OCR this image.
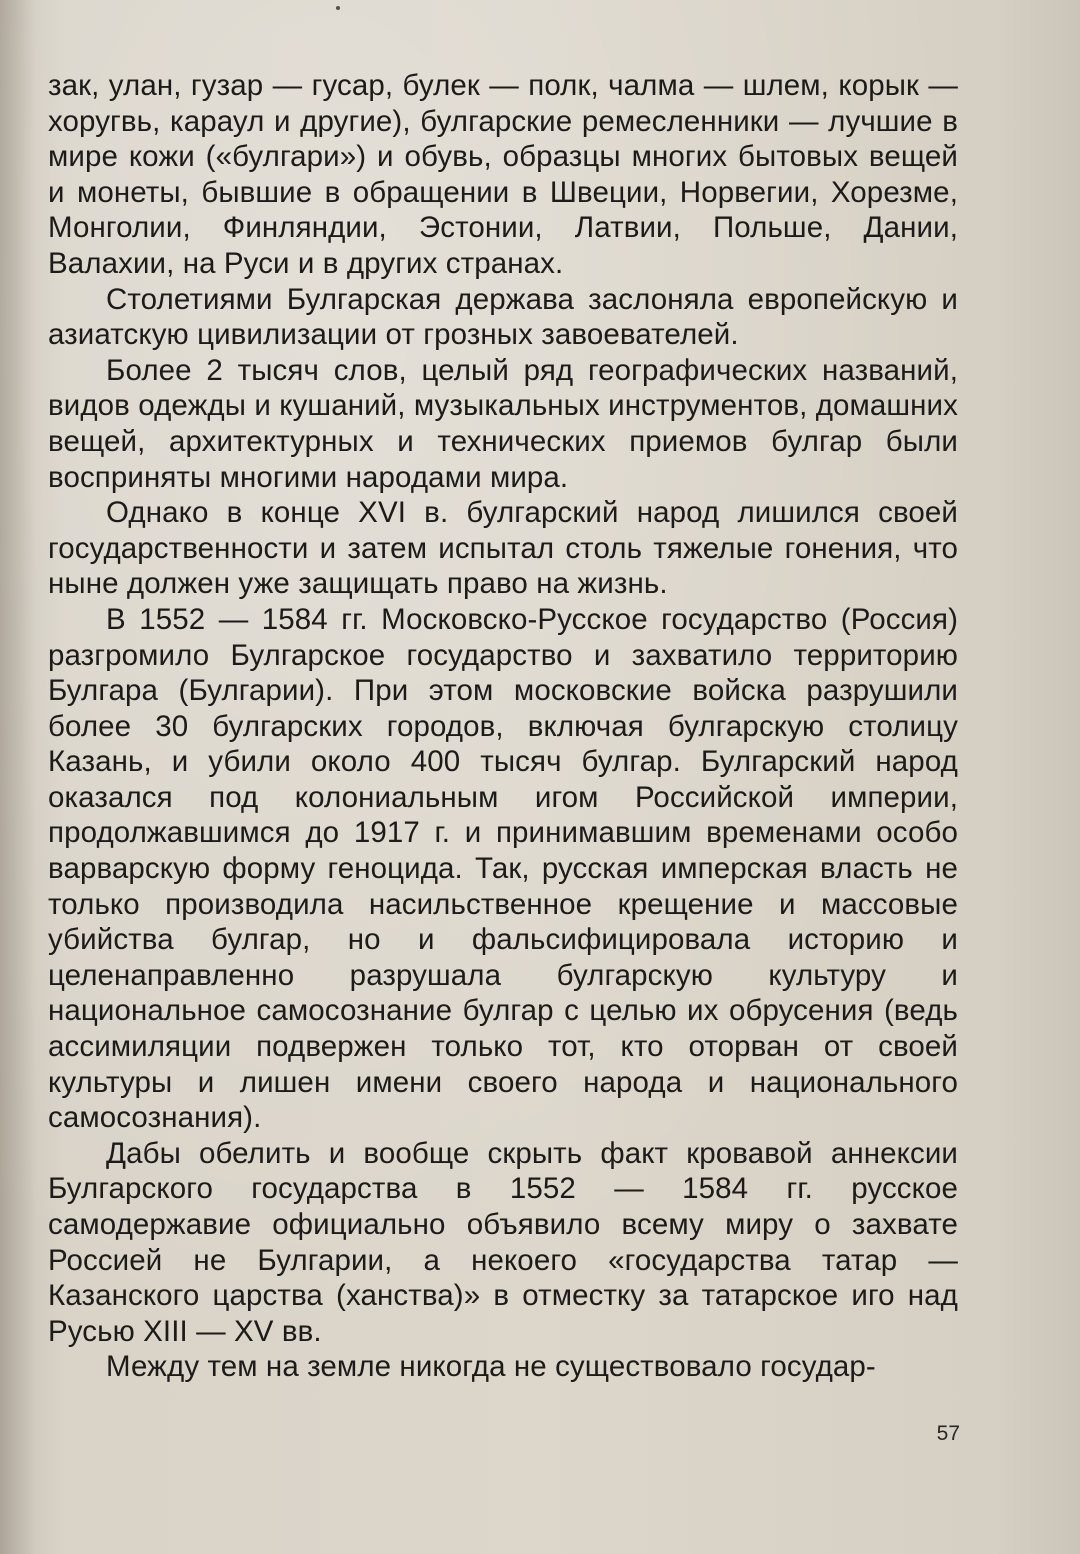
зак, улан, гузар — гусар, булек — полк, чалма — шлем, корык — хоругвь, караул и другие), булгарские ремесленники — лучшие в мире кожи («булгари») и обувь, образцы многих бытовых вещей и монеты, бывшие в обращении в Швеции, Норвегии, Хорезме, Монголии, Финляндии, Эстонии, Латвии, Польше, Дании, Валахии, на Руси и в других странах.

Столетиями Булгарская держава заслоняла европейскую и азиатскую цивилизации от грозных завоевателей.

Более 2 тысяч слов, целый ряд географических названий, видов одежды и кушаний, музыкальных инструментов, домашних вещей, архитектурных и технических приемов булгар были восприняты многими народами мира.

Однако в конце XVI в. булгарский народ лишился своей государственности и затем испытал столь тяжелые гонения, что ныне должен уже защищать право на жизнь.

В 1552 — 1584 гг. Московско-Русское государство (Россия) разгромило Булгарское государство и захватило территорию Булгара (Булгарии). При этом московские войска разрушили более 30 булгарских городов, включая булгарскую столицу Казань, и убили около 400 тысяч булгар. Булгарский народ оказался под колониальным игом Российской империи, продолжавшимся до 1917 г. и принимавшим временами особо варварскую форму геноцида. Так, русская имперская власть не только производила насильственное крещение и массовые убийства булгар, но и фальсифицировала историю и целенаправленно разрушала булгарскую культуру и национальное самосознание булгар с целью их обрусения (ведь ассимиляции подвержен только тот, кто оторван от своей культуры и лишен имени своего народа и национального самосознания).

Дабы обелить и вообще скрыть факт кровавой аннексии Булгарского государства в 1552 — 1584 гг. русское самодержавие официально объявило всему миру о захвате Россией не Булгарии, а некоего «государства татар — Казанского царства (ханства)» в отместку за татарское иго над Русью XIII — XV вв.

Между тем на земле никогда не существовало государ-

57
